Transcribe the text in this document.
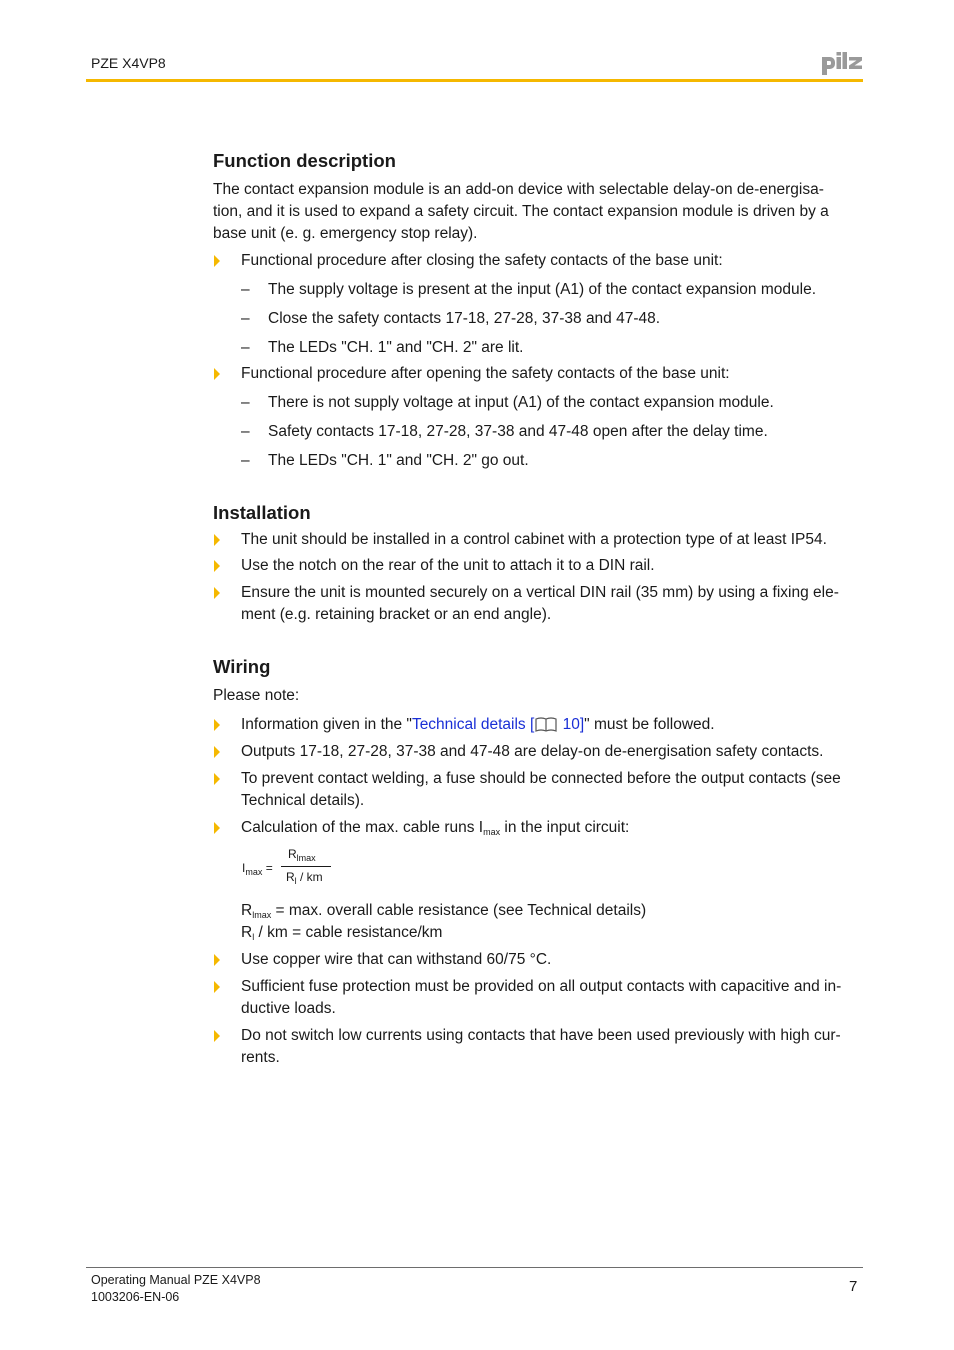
PZE X4VP8
Function description
The contact expansion module is an add-on device with selectable delay-on de-energisa-
tion, and it is used to expand a safety circuit. The contact expansion module is driven by a
base unit (e. g. emergency stop relay).
Functional procedure after closing the safety contacts of the base unit:
– The supply voltage is present at the input (A1) of the contact expansion module.
– Close the safety contacts 17-18, 27-28, 37-38 and 47-48.
– The LEDs "CH. 1" and "CH. 2" are lit.
Functional procedure after opening the safety contacts of the base unit:
– There is not supply voltage at input (A1) of the contact expansion module.
– Safety contacts 17-18, 27-28, 37-38 and 47-48 open after the delay time.
– The LEDs "CH. 1" and "CH. 2" go out.
Installation
The unit should be installed in a control cabinet with a protection type of at least IP54.
Use the notch on the rear of the unit to attach it to a DIN rail.
Ensure the unit is mounted securely on a vertical DIN rail (35 mm) by using a fixing ele-
ment (e.g. retaining bracket or an end angle).
Wiring
Please note:
Information given in the "Technical details [ 10]" must be followed.
Outputs 17-18, 27-28, 37-38 and 47-48 are delay-on de-energisation safety contacts.
To prevent contact welding, a fuse should be connected before the output contacts (see
Technical details).
Calculation of the max. cable runs $I_{max}$ in the input circuit:
$I_{max}$ =
$R_{lmax}$
$R_l$ / km
$R_{lmax} = \max$. overall cable resistance (see Technical details)
$R_l$ / km = cable resistance/km
Use copper wire that can withstand 60/75 °C.
Sufficient fuse protection must be provided on all output contacts with capacitive and in-
ductive loads.
Do not switch low currents using contacts that have been used previously with high cur-
rents.
Operating Manual PZE X4VP8
1003206-EN-06
7
